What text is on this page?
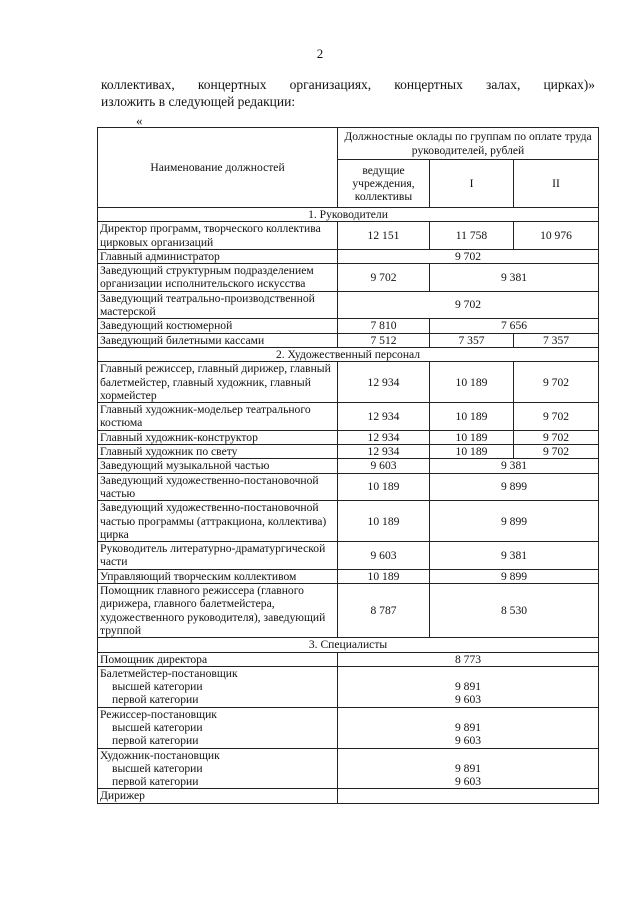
2
коллективах, концертных организациях, концертных залах, цирках)»
изложить в следующей редакции:
«
Наименование должностей	Должностные оклады по группам по оплате труда руководителей, рублей		
	ведущие учреждения, коллективы	I	II
1. Руководители			
Директор программ, творческого коллектива цирковых организаций	12 151	11 758	10 976
Главный администратор	9 702		
Заведующий структурным подразделением организации исполнительского искусства	9 702	9 381	
Заведующий театрально-производственной мастерской	9 702		
Заведующий костюмерной	7 810	7 656	
Заведующий билетными кассами	7 512	7 357	7 357
2. Художественный персонал			
Главный режиссер, главный дирижер, главный балетмейстер, главный художник, главный хормейстер	12 934	10 189	9 702
Главный художник-модельер театрального костюма	12 934	10 189	9 702
Главный художник-конструктор	12 934	10 189	9 702
Главный художник по свету	12 934	10 189	9 702
Заведующий музыкальной частью	9 603	9 381	
Заведующий художественно-постановочной частью	10 189	9 899	
Заведующий художественно-постановочной частью программы (аттракциона, коллектива) цирка	10 189	9 899	
Руководитель литературно-драматургической части	9 603	9 381	
Управляющий творческим коллективом	10 189	9 899	
Помощник главного режиссера (главного дирижера, главного балетмейстера, художественного руководителя), заведующий труппой	8 787	8 530	
3. Специалисты			
Помощник директора	8 773		
Балетмейстер-постановщик			
высшей категории	9 891		
первой категории	9 603		
Режиссер-постановщик			
высшей категории	9 891		
первой категории	9 603		
Художник-постановщик			
высшей категории	9 891		
первой категории	9 603		
Дирижер			
